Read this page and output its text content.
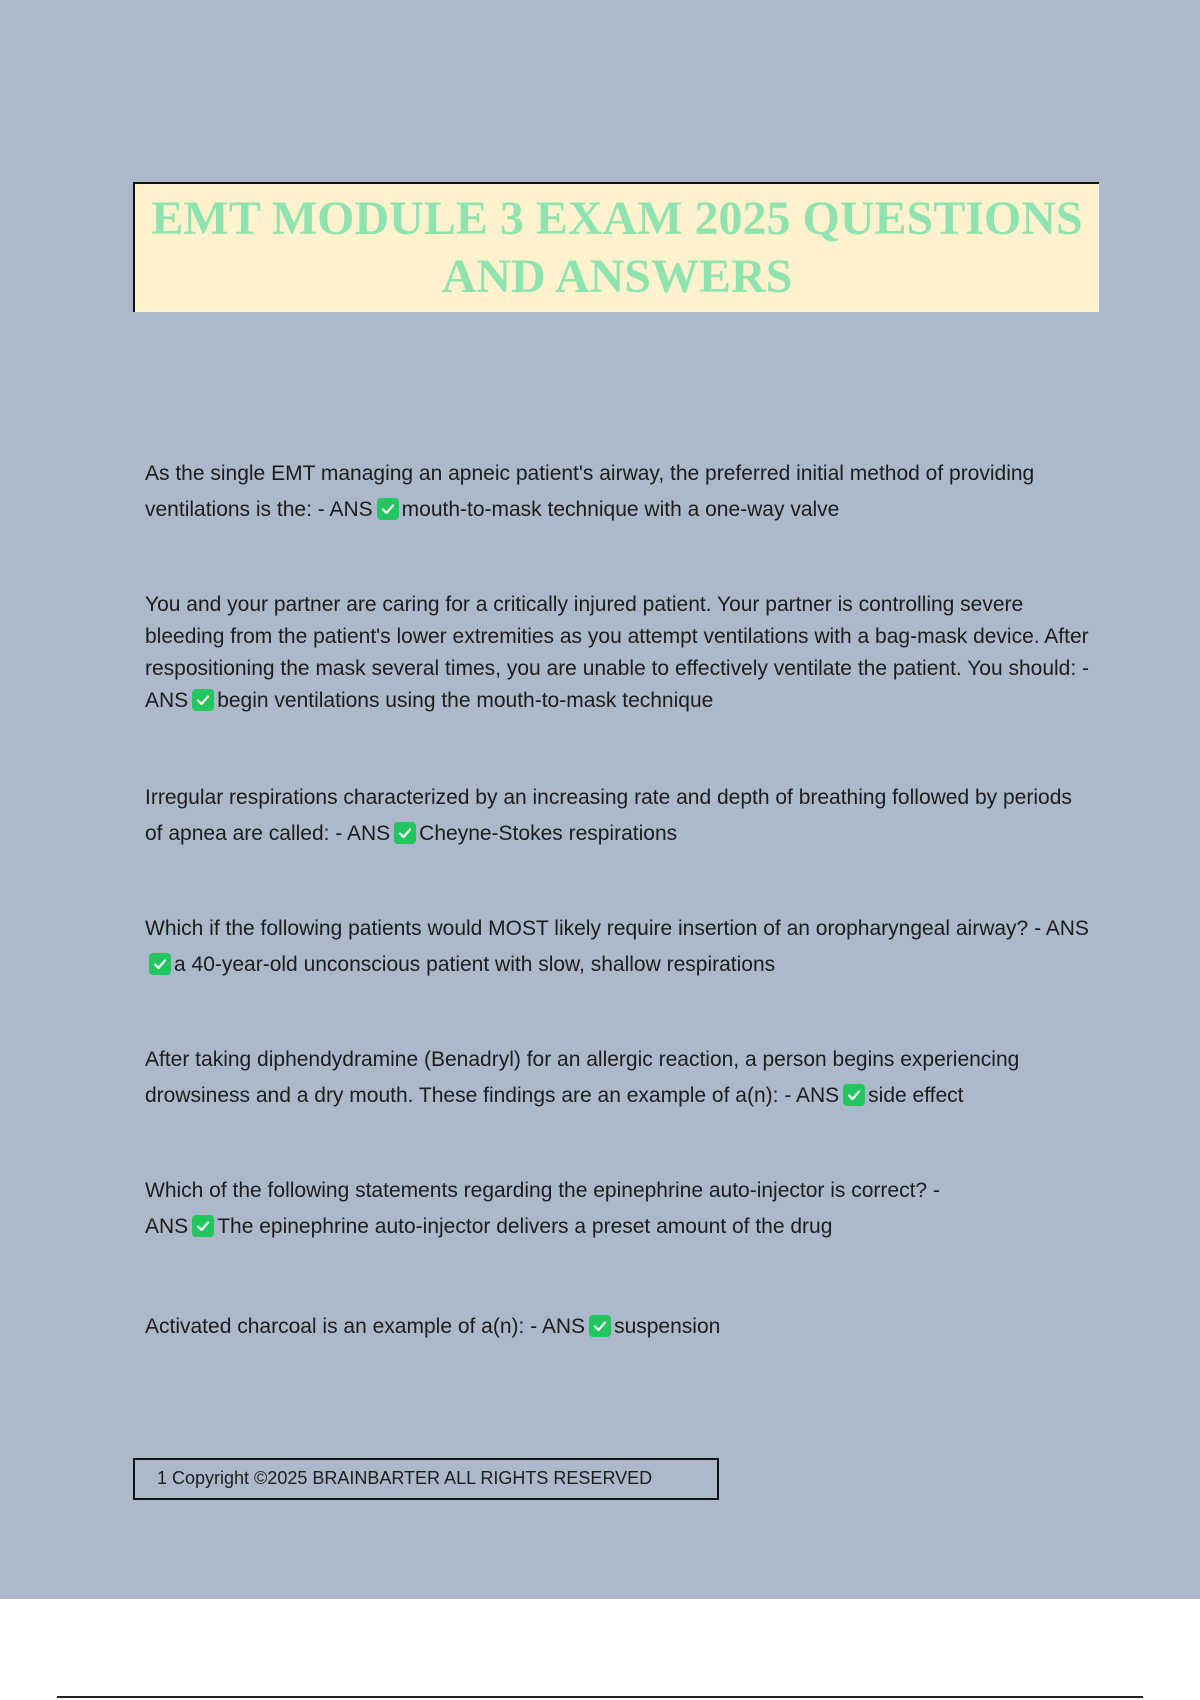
EMT MODULE 3 EXAM 2025 QUESTIONS
AND ANSWERS
As the single EMT managing an apneic patient's airway, the preferred initial method of providing ventilations is the: - ANS mouth-to-mask technique with a one-way valve
You and your partner are caring for a critically injured patient. Your partner is controlling severe bleeding from the patient's lower extremities as you attempt ventilations with a bag-mask device. After respositioning the mask several times, you are unable to effectively ventilate the patient. You should: - ANS begin ventilations using the mouth-to-mask technique
Irregular respirations characterized by an increasing rate and depth of breathing followed by periods of apnea are called: - ANS Cheyne-Stokes respirations
Which if the following patients would MOST likely require insertion of an oropharyngeal airway? - ANS
a 40-year-old unconscious patient with slow, shallow respirations
After taking diphendydramine (Benadryl) for an allergic reaction, a person begins experiencing drowsiness and a dry mouth. These findings are an example of a(n): - ANS side effect
Which of the following statements regarding the epinephrine auto-injector is correct? -
ANS The epinephrine auto-injector delivers a preset amount of the drug
Activated charcoal is an example of a(n): - ANS suspension
1 Copyright ©2025 BRAINBARTER ALL RIGHTS RESERVED
